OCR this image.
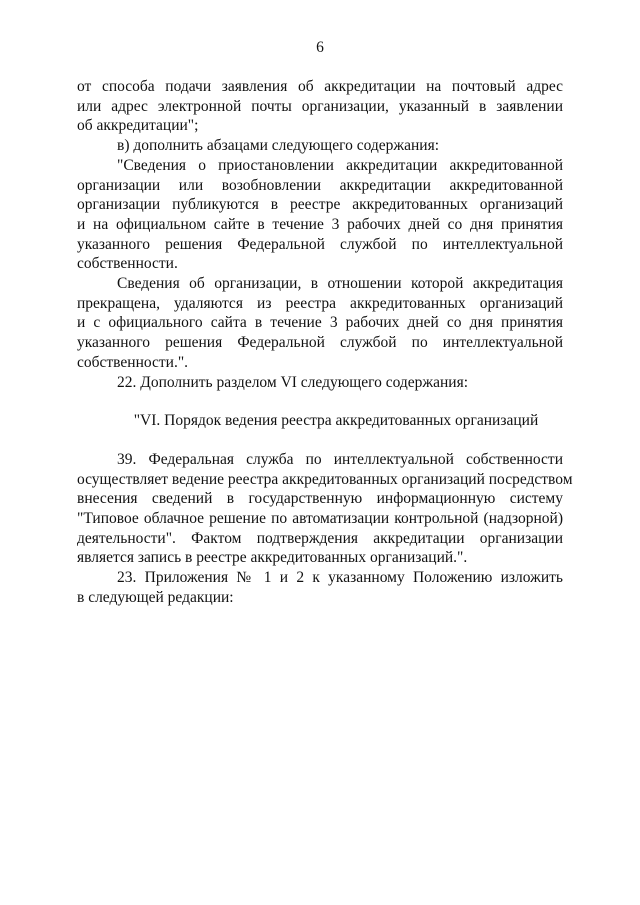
6
от способа подачи заявления об аккредитации на почтовый адрес
или адрес электронной почты организации, указанный в заявлении
об аккредитации";
в) дополнить абзацами следующего содержания:
"Сведения о приостановлении аккредитации аккредитованной
организации или возобновлении аккредитации аккредитованной
организации публикуются в реестре аккредитованных организаций
и на официальном сайте в течение 3 рабочих дней со дня принятия
указанного решения Федеральной службой по интеллектуальной
собственности.
Сведения об организации, в отношении которой аккредитация
прекращена, удаляются из реестра аккредитованных организаций
и с официального сайта в течение 3 рабочих дней со дня принятия
указанного решения Федеральной службой по интеллектуальной
собственности.".
22. Дополнить разделом VI следующего содержания:
"VI. Порядок ведения реестра аккредитованных организаций
39. Федеральная служба по интеллектуальной собственности
осуществляет ведение реестра аккредитованных организаций посредством
внесения сведений в государственную информационную систему
"Типовое облачное решение по автоматизации контрольной (надзорной)
деятельности". Фактом подтверждения аккредитации организации
является запись в реестре аккредитованных организаций.".
23. Приложения № 1 и 2 к указанному Положению изложить
в следующей редакции:
